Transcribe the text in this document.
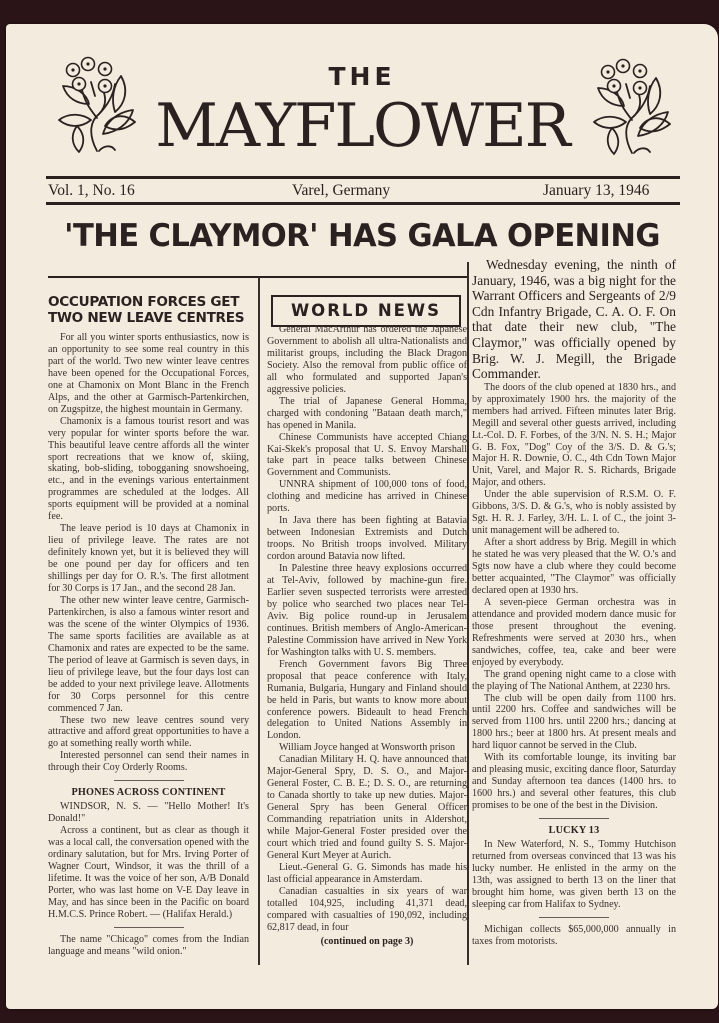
THE
MAYFLOWER
Vol. 1, No. 16	Varel, Germany	January 13, 1946
'THE CLAYMOR' HAS GALA OPENING
OCCUPATION FORCES GET TWO NEW LEAVE CENTRES

For all you winter sports enthusiastics, now is an opportunity to see some real country in this part of the world. Two new winter leave centres have been opened for the Occupational Forces, one at Chamonix on Mont Blanc in the French Alps, and the other at Garmisch-Partenkirchen, on Zugspitze, the highest mountain in Germany.

Chamonix is a famous tourist resort and was very popular for winter sports before the war. This beautiful leave centre affords all the winter sport recreations that we know of, skiing, skating, bob-sliding, tobogganing snowshoeing, etc., and in the evenings various entertainment programmes are scheduled at the lodges. All sports equipment will be provided at a nominal fee.

The leave period is 10 days at Chamonix in lieu of privilege leave. The rates are not definitely known yet, but it is believed they will be one pound per day for officers and ten shillings per day for O. R.'s. The first allotment for 30 Corps is 17 Jan., and the second 28 Jan.

The other new winter leave centre, Garmisch-Partenkirchen, is also a famous winter resort and was the scene of the winter Olympics of 1936. The same sports facilities are available as at Chamonix and rates are expected to be the same. The period of leave at Garmisch is seven days, in lieu of privilege leave, but the four days lost can be added to your next privilege leave. Allotments for 30 Corps personnel for this centre commenced 7 Jan.

These two new leave centres sound very attractive and afford great opportunities to have a go at something really worth while.

Interested personnel can send their names in through their Coy Orderly Rooms.

PHONES ACROSS CONTINENT

WINDSOR, N. S. — "Hello Mother! It's Donald!"

Across a continent, but as clear as though it was a local call, the conversation opened with the ordinary salutation, but for Mrs. Irving Porter of Wagner Court, Windsor, it was the thrill of a lifetime. It was the voice of her son, A/B Donald Porter, who was last home on V-E Day leave in May, and has since been in the Pacific on board H.M.C.S. Prince Robert. — (Halifax Herald.)

The name "Chicago" comes from the Indian language and means "wild onion."

WORLD NEWS

General MacArthur has ordered the Japanese Government to abolish all ultra-Nationalists and militarist groups, including the Black Dragon Society. Also the removal from public office of all who formulated and supported Japan's aggressive policies.

The trial of Japanese General Homma, charged with condoning "Bataan death march," has opened in Manila.

Chinese Communists have accepted Chiang Kai-Skek's proposal that U. S. Envoy Marshall take part in peace talks between Chinese Government and Communists.

UNNRA shipment of 100,000 tons of food, clothing and medicine has arrived in Chinese ports.

In Java there has been fighting at Batavia between Indonesian Extremists and Dutch troops. No British troops involved. Military cordon around Batavia now lifted.

In Palestine three heavy explosions occurred at Tel-Aviv, followed by machine-gun fire. Earlier seven suspected terrorists were arrested by police who searched two places near Tel-Aviv. Big police round-up in Jerusalem continues. British members of Anglo-American-Palestine Commission have arrived in New York for Washington talks with U. S. members.

French Government favors Big Three proposal that peace conference with Italy, Rumania, Bulgaria, Hungary and Finland should be held in Paris, but wants to know more about conference powers. Bideault to head French delegation to United Nations Assembly in London.

William Joyce hanged at Wonsworth prison

Canadian Military H. Q. have announced that Major-General Spry, D. S. O., and Major-General Foster, C. B. E.; D. S. O., are returning to Canada shortly to take up new duties. Major-General Spry has been General Officer Commanding repatriation units in Aldershot, while Major-General Foster presided over the court which tried and found guilty S. S. Major-General Kurt Meyer at Aurich.

Lieut.-General G. G. Simonds has made his last official appearance in Amsterdam.

Canadian casualties in six years of war totalled 104,925, including 41,371 dead, compared with casualties of 190,092, including 62,817 dead, in four

(continued on page 3)

Wednesday evening, the ninth of January, 1946, was a big night for the Warrant Officers and Sergeants of 2/9 Cdn Infantry Brigade, C. A. O. F. On that date their new club, "The Claymor," was officially opened by Brig. W. J. Megill, the Brigade Commander.

The doors of the club opened at 1830 hrs., and by approximately 1900 hrs. the majority of the members had arrived. Fifteen minutes later Brig. Megill and several other guests arrived, including Lt.-Col. D. F. Forbes, of the 3/N. N. S. H.; Major G. B. Fox, "Dog" Coy of the 3/S. D. & G.'s; Major H. R. Downie, O. C., 4th Cdn Town Major Unit, Varel, and Major R. S. Richards, Brigade Major, and others.

Under the able supervision of R.S.M. O. F. Gibbons, 3/S. D. & G.'s, who is nobly assisted by Sgt. H. R. J. Farley, 3/H. L. I. of C., the joint 3-unit management will be adhered to.

After a short address by Brig. Megill in which he stated he was very pleased that the W. O.'s and Sgts now have a club where they could become better acquainted, "The Claymor" was officially declared open at 1930 hrs.

A seven-piece German orchestra was in attendance and provided modern dance music for those present throughout the evening. Refreshments were served at 2030 hrs., when sandwiches, coffee, tea, cake and beer were enjoyed by everybody.

The grand opening night came to a close with the playing of The National Anthem, at 2230 hrs.

The club will be open daily from 1100 hrs. until 2200 hrs. Coffee and sandwiches will be served from 1100 hrs. until 2200 hrs.; dancing at 1800 hrs.; beer at 1800 hrs. At present meals and hard liquor cannot be served in the Club.

With its comfortable lounge, its inviting bar and pleasing music, exciting dance floor, Saturday and Sunday afternoon tea dances (1400 hrs. to 1600 hrs.) and several other features, this club promises to be one of the best in the Division.

LUCKY 13

In New Waterford, N. S., Tommy Hutchison returned from overseas convinced that 13 was his lucky number. He enlisted in the army on the 13th, was assigned to berth 13 on the liner that brought him home, was given berth 13 on the sleeping car from Halifax to Sydney.

Michigan collects $65,000,000 annually in taxes from motorists.
